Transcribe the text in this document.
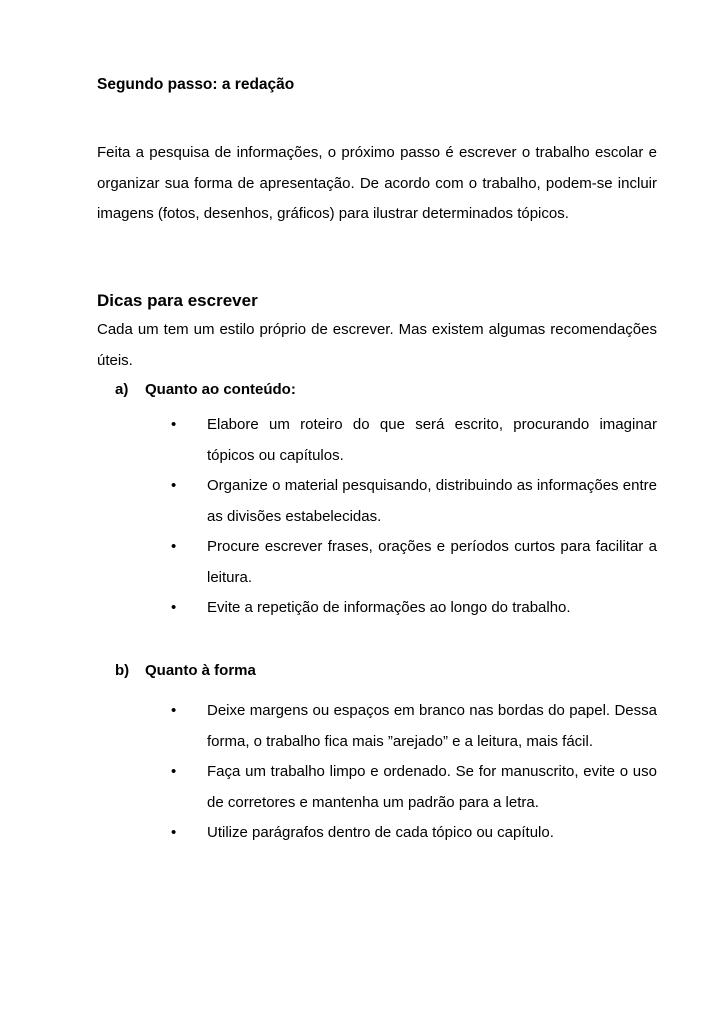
Segundo passo: a redação
Feita a pesquisa de informações, o próximo passo é escrever o trabalho escolar e organizar sua forma de apresentação. De acordo com o trabalho, podem-se incluir imagens (fotos, desenhos, gráficos) para ilustrar determinados tópicos.
Dicas para escrever
Cada um tem um estilo próprio de escrever. Mas existem algumas recomendações úteis.
a) Quanto ao conteúdo:
• Elabore um roteiro do que será escrito, procurando imaginar tópicos ou capítulos.
• Organize o material pesquisando, distribuindo as informações entre as divisões estabelecidas.
• Procure escrever frases, orações e períodos curtos para facilitar a leitura.
• Evite a repetição de informações ao longo do trabalho.
b) Quanto à forma
• Deixe margens ou espaços em branco nas bordas do papel. Dessa forma, o trabalho fica mais ”arejado” e a leitura, mais fácil.
• Faça um trabalho limpo e ordenado. Se for manuscrito, evite o uso de corretores e mantenha um padrão para a letra.
• Utilize parágrafos dentro de cada tópico ou capítulo.
